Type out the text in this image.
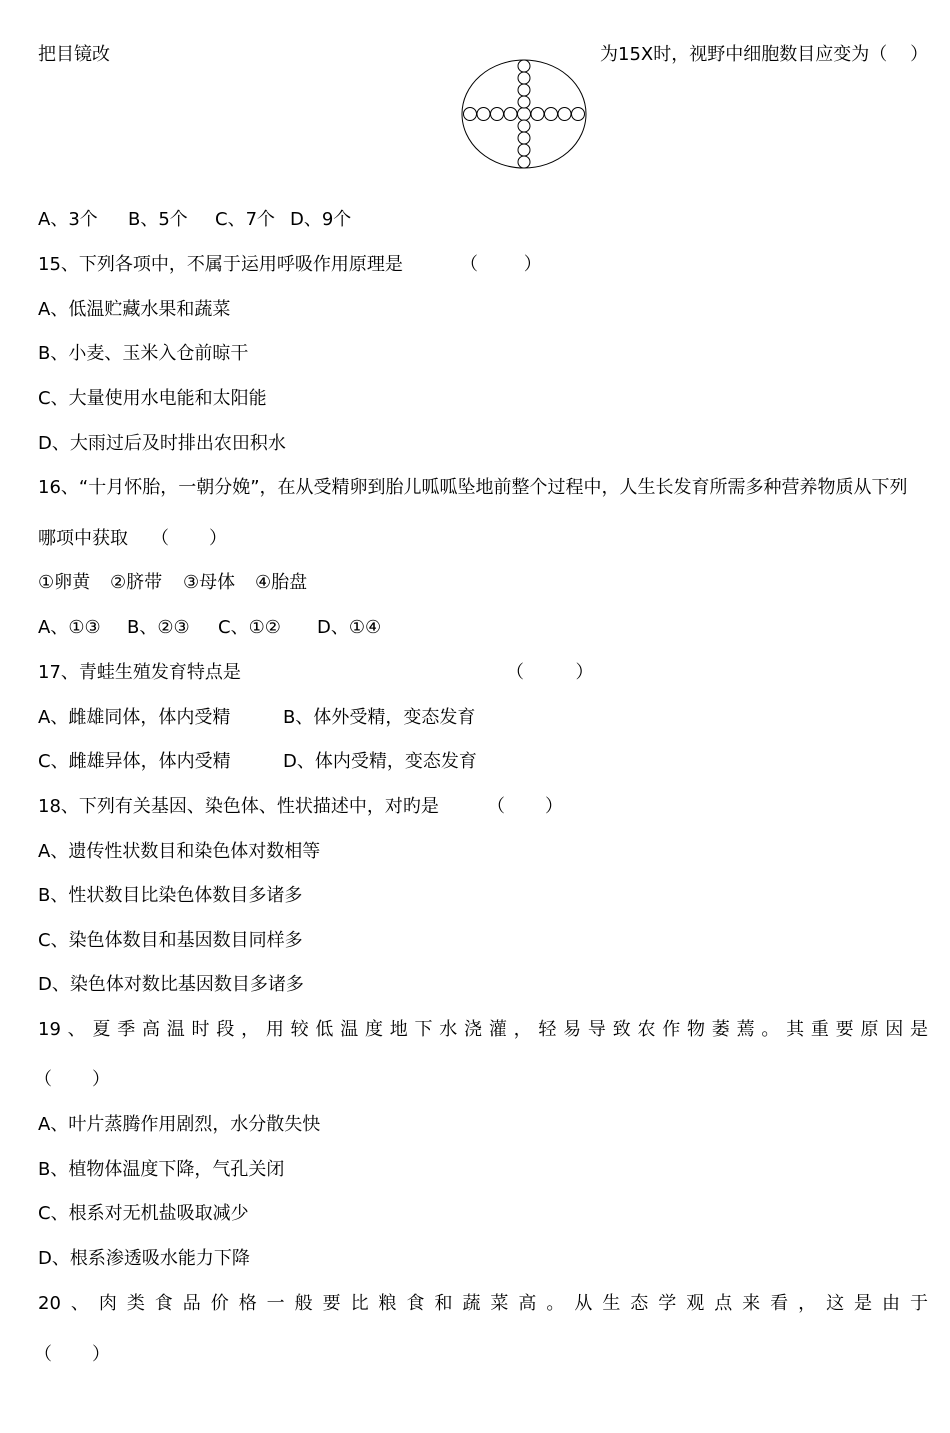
把目镜改	为15X时，视野中细胞数目应变为（    ）
A、3个 B、5个 C、7个 D、9个
15、下列各项中，不属于运用呼吸作用原理是	（        ）
A、低温贮藏水果和蔬菜
B、小麦、玉米入仓前晾干
C、大量使用水电能和太阳能
D、大雨过后及时排出农田积水
16、“十月怀胎，一朝分娩”，在从受精卵到胎儿呱呱坠地前整个过程中，人生长发育所需多种营养物质从下列
哪项中获取 （       ）
①卵黄 ②脐带 ③母体 ④胎盘
A、①③ B、②③ C、①② D、①④
17、青蛙生殖发育特点是	（         ）
A、雌雄同体，体内受精	B、体外受精，变态发育
C、雌雄异体，体内受精	D、体内受精，变态发育
18、下列有关基因、染色体、性状描述中，对旳是	（       ）
A、遗传性状数目和染色体对数相等
B、性状数目比染色体数目多诸多
C、染色体数目和基因数目同样多
D、染色体对数比基因数目多诸多
19、夏季高温时段，用较低温度地下水浇灌，轻易导致农作物萎蔫。其重要原因是
（       ）
A、叶片蒸腾作用剧烈，水分散失快
B、植物体温度下降，气孔关闭
C、根系对无机盐吸取减少
D、根系渗透吸水能力下降
20、肉类食品价格一般要比粮食和蔬菜高。从生态学观点来看，这是由于
（       ）
